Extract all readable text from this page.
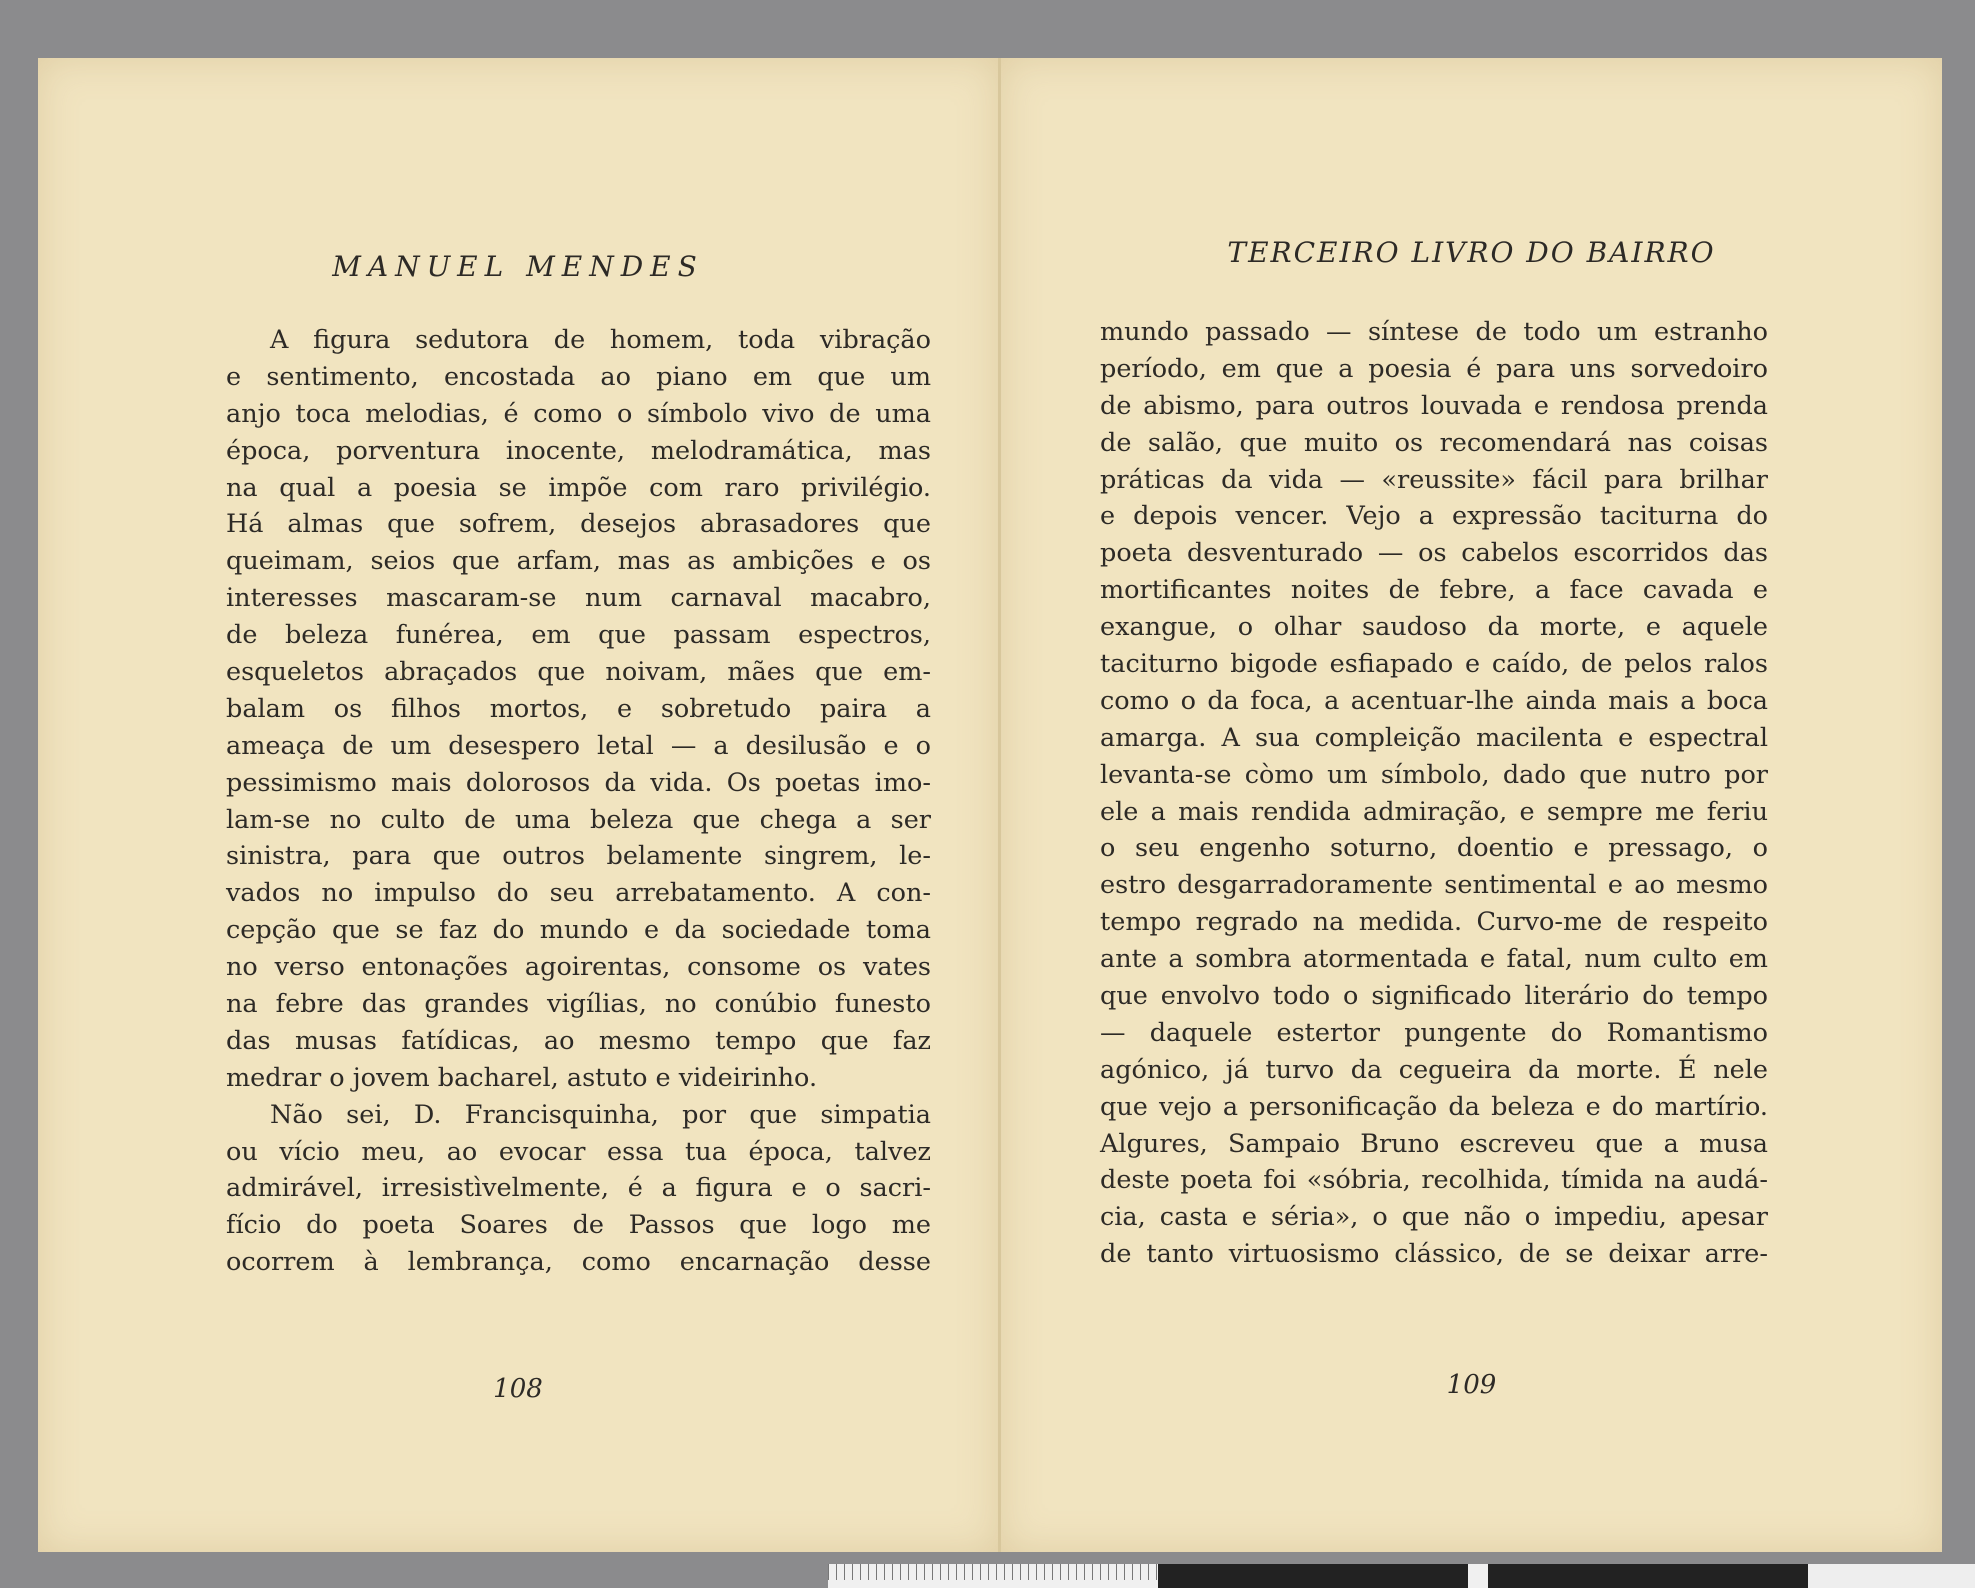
MANUEL MENDES
A figura sedutora de homem, toda vibração
e sentimento, encostada ao piano em que um
anjo toca melodias, é como o símbolo vivo de uma
época, porventura inocente, melodramática, mas
na qual a poesia se impõe com raro privilégio.
Há almas que sofrem, desejos abrasadores que
queimam, seios que arfam, mas as ambições e os
interesses mascaram-se num carnaval macabro,
de beleza funérea, em que passam espectros,
esqueletos abraçados que noivam, mães que em-
balam os filhos mortos, e sobretudo paira a
ameaça de um desespero letal — a desilusão e o
pessimismo mais dolorosos da vida. Os poetas imo-
lam-se no culto de uma beleza que chega a ser
sinistra, para que outros belamente singrem, le-
vados no impulso do seu arrebatamento. A con-
cepção que se faz do mundo e da sociedade toma
no verso entonações agoirentas, consome os vates
na febre das grandes vigílias, no conúbio funesto
das musas fatídicas, ao mesmo tempo que faz
medrar o jovem bacharel, astuto e videirinho.
Não sei, D. Francisquinha, por que simpatia
ou vício meu, ao evocar essa tua época, talvez
admirável, irresistìvelmente, é a figura e o sacri-
fício do poeta Soares de Passos que logo me
ocorrem à lembrança, como encarnação desse
108
TERCEIRO LIVRO DO BAIRRO
mundo passado — síntese de todo um estranho
período, em que a poesia é para uns sorvedoiro
de abismo, para outros louvada e rendosa prenda
de salão, que muito os recomendará nas coisas
práticas da vida — «reussite» fácil para brilhar
e depois vencer. Vejo a expressão taciturna do
poeta desventurado — os cabelos escorridos das
mortificantes noites de febre, a face cavada e
exangue, o olhar saudoso da morte, e aquele
taciturno bigode esfiapado e caído, de pelos ralos
como o da foca, a acentuar-lhe ainda mais a boca
amarga. A sua compleição macilenta e espectral
levanta-se còmo um símbolo, dado que nutro por
ele a mais rendida admiração, e sempre me feriu
o seu engenho soturno, doentio e pressago, o
estro desgarradoramente sentimental e ao mesmo
tempo regrado na medida. Curvo-me de respeito
ante a sombra atormentada e fatal, num culto em
que envolvo todo o significado literário do tempo
— daquele estertor pungente do Romantismo
agónico, já turvo da cegueira da morte. É nele
que vejo a personificação da beleza e do martírio.
Algures, Sampaio Bruno escreveu que a musa
deste poeta foi «sóbria, recolhida, tímida na audá-
cia, casta e séria», o que não o impediu, apesar
de tanto virtuosismo clássico, de se deixar arre-
109
